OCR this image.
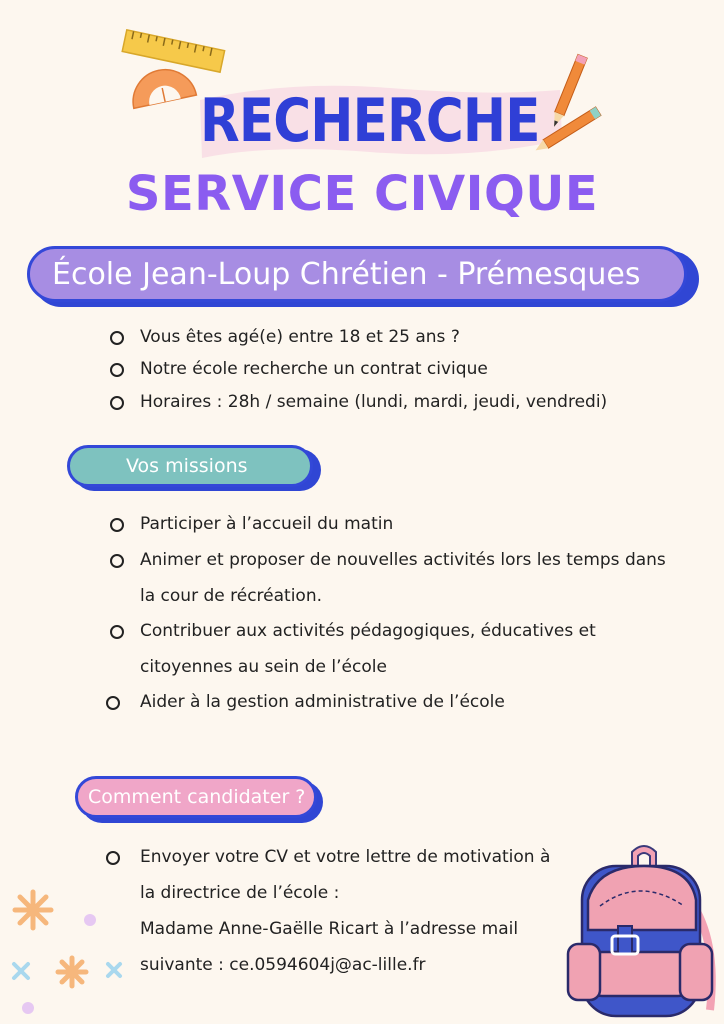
RECHERCHE
SERVICE CIVIQUE
École Jean-Loup Chrétien - Prémesques
Vous êtes agé(e) entre 18 et 25 ans ?
Notre école recherche un contrat civique
Horaires : 28h / semaine (lundi, mardi, jeudi, vendredi)
Vos missions
Participer à l’accueil du matin
Animer et proposer de nouvelles activités lors les temps dans
la cour de récréation.
Contribuer aux activités pédagogiques, éducatives et
citoyennes au sein de l’école
Aider à la gestion administrative de l’école
Comment candidater ?
Envoyer votre CV et votre lettre de motivation à
la directrice de l’école :
Madame Anne-Gaëlle Ricart à l’adresse mail
suivante : ce.0594604j@ac-lille.fr
